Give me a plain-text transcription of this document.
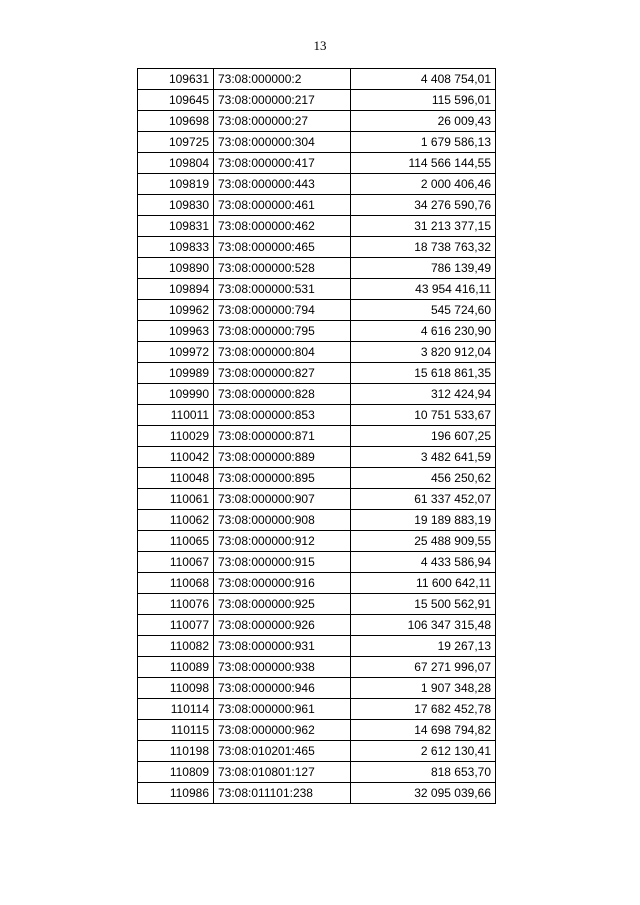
13
109631	73:08:000000:2	4 408 754,01
109645	73:08:000000:217	115 596,01
109698	73:08:000000:27	26 009,43
109725	73:08:000000:304	1 679 586,13
109804	73:08:000000:417	114 566 144,55
109819	73:08:000000:443	2 000 406,46
109830	73:08:000000:461	34 276 590,76
109831	73:08:000000:462	31 213 377,15
109833	73:08:000000:465	18 738 763,32
109890	73:08:000000:528	786 139,49
109894	73:08:000000:531	43 954 416,11
109962	73:08:000000:794	545 724,60
109963	73:08:000000:795	4 616 230,90
109972	73:08:000000:804	3 820 912,04
109989	73:08:000000:827	15 618 861,35
109990	73:08:000000:828	312 424,94
110011	73:08:000000:853	10 751 533,67
110029	73:08:000000:871	196 607,25
110042	73:08:000000:889	3 482 641,59
110048	73:08:000000:895	456 250,62
110061	73:08:000000:907	61 337 452,07
110062	73:08:000000:908	19 189 883,19
110065	73:08:000000:912	25 488 909,55
110067	73:08:000000:915	4 433 586,94
110068	73:08:000000:916	11 600 642,11
110076	73:08:000000:925	15 500 562,91
110077	73:08:000000:926	106 347 315,48
110082	73:08:000000:931	19 267,13
110089	73:08:000000:938	67 271 996,07
110098	73:08:000000:946	1 907 348,28
110114	73:08:000000:961	17 682 452,78
110115	73:08:000000:962	14 698 794,82
110198	73:08:010201:465	2 612 130,41
110809	73:08:010801:127	818 653,70
110986	73:08:011101:238	32 095 039,66
